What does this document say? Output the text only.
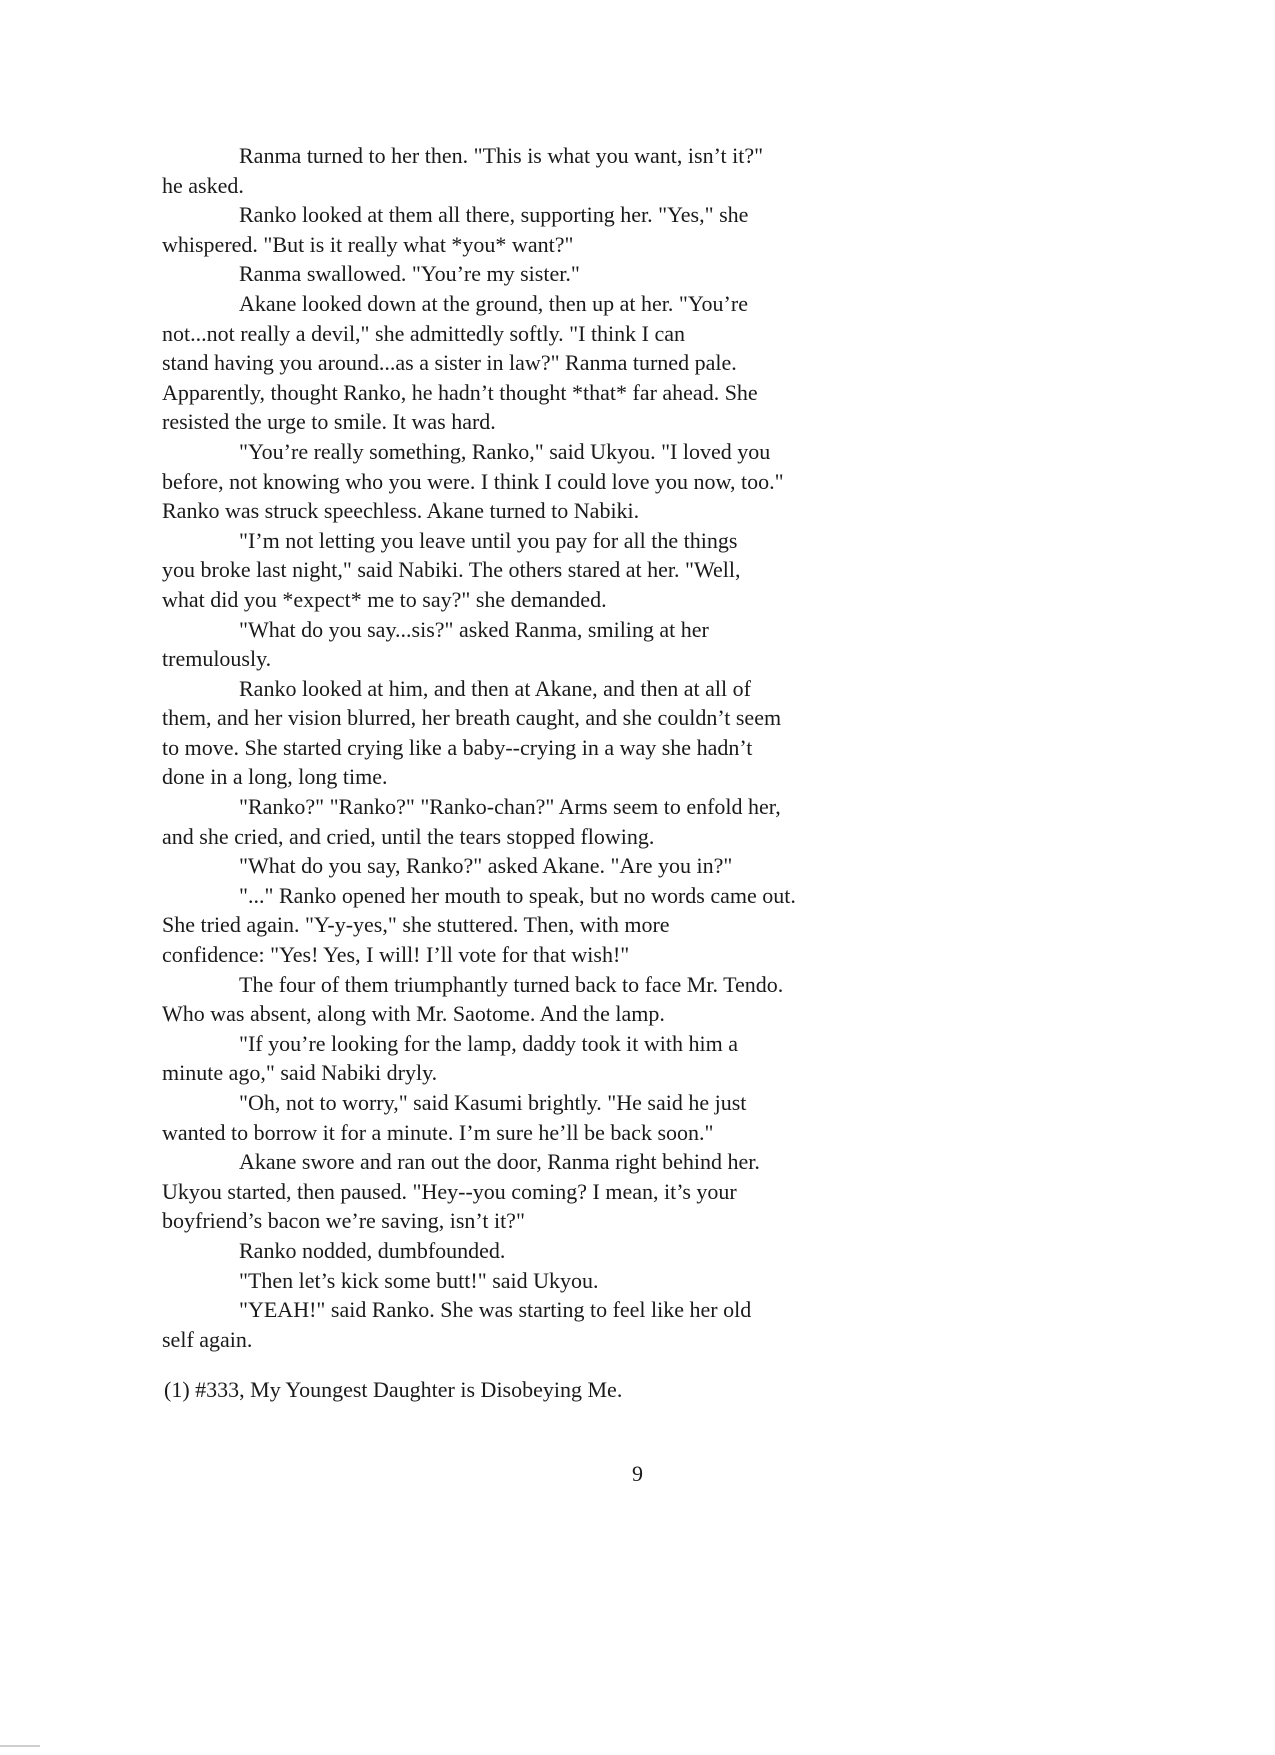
Ranma turned to her then. "This is what you want, isn’t it?"
he asked.
Ranko looked at them all there, supporting her. "Yes," she
whispered. "But is it really what *you* want?"
Ranma swallowed. "You’re my sister."
Akane looked down at the ground, then up at her. "You’re
not...not really a devil," she admittedly softly. "I think I can
stand having you around...as a sister in law?" Ranma turned pale.
Apparently, thought Ranko, he hadn’t thought *that* far ahead. She
resisted the urge to smile. It was hard.
"You’re really something, Ranko," said Ukyou. "I loved you
before, not knowing who you were. I think I could love you now, too."
Ranko was struck speechless. Akane turned to Nabiki.
"I’m not letting you leave until you pay for all the things
you broke last night," said Nabiki. The others stared at her. "Well,
what did you *expect* me to say?" she demanded.
"What do you say...sis?" asked Ranma, smiling at her
tremulously.
Ranko looked at him, and then at Akane, and then at all of
them, and her vision blurred, her breath caught, and she couldn’t seem
to move. She started crying like a baby--crying in a way she hadn’t
done in a long, long time.
"Ranko?" "Ranko?" "Ranko-chan?" Arms seem to enfold her,
and she cried, and cried, until the tears stopped flowing.
"What do you say, Ranko?" asked Akane. "Are you in?"
"..." Ranko opened her mouth to speak, but no words came out.
She tried again. "Y-y-yes," she stuttered. Then, with more
confidence: "Yes! Yes, I will! I’ll vote for that wish!"
The four of them triumphantly turned back to face Mr. Tendo.
Who was absent, along with Mr. Saotome. And the lamp.
"If you’re looking for the lamp, daddy took it with him a
minute ago," said Nabiki dryly.
"Oh, not to worry," said Kasumi brightly. "He said he just
wanted to borrow it for a minute. I’m sure he’ll be back soon."
Akane swore and ran out the door, Ranma right behind her.
Ukyou started, then paused. "Hey--you coming? I mean, it’s your
boyfriend’s bacon we’re saving, isn’t it?"
Ranko nodded, dumbfounded.
"Then let’s kick some butt!" said Ukyou.
"YEAH!" said Ranko. She was starting to feel like her old
self again.
(1) #333, My Youngest Daughter is Disobeying Me.
9
